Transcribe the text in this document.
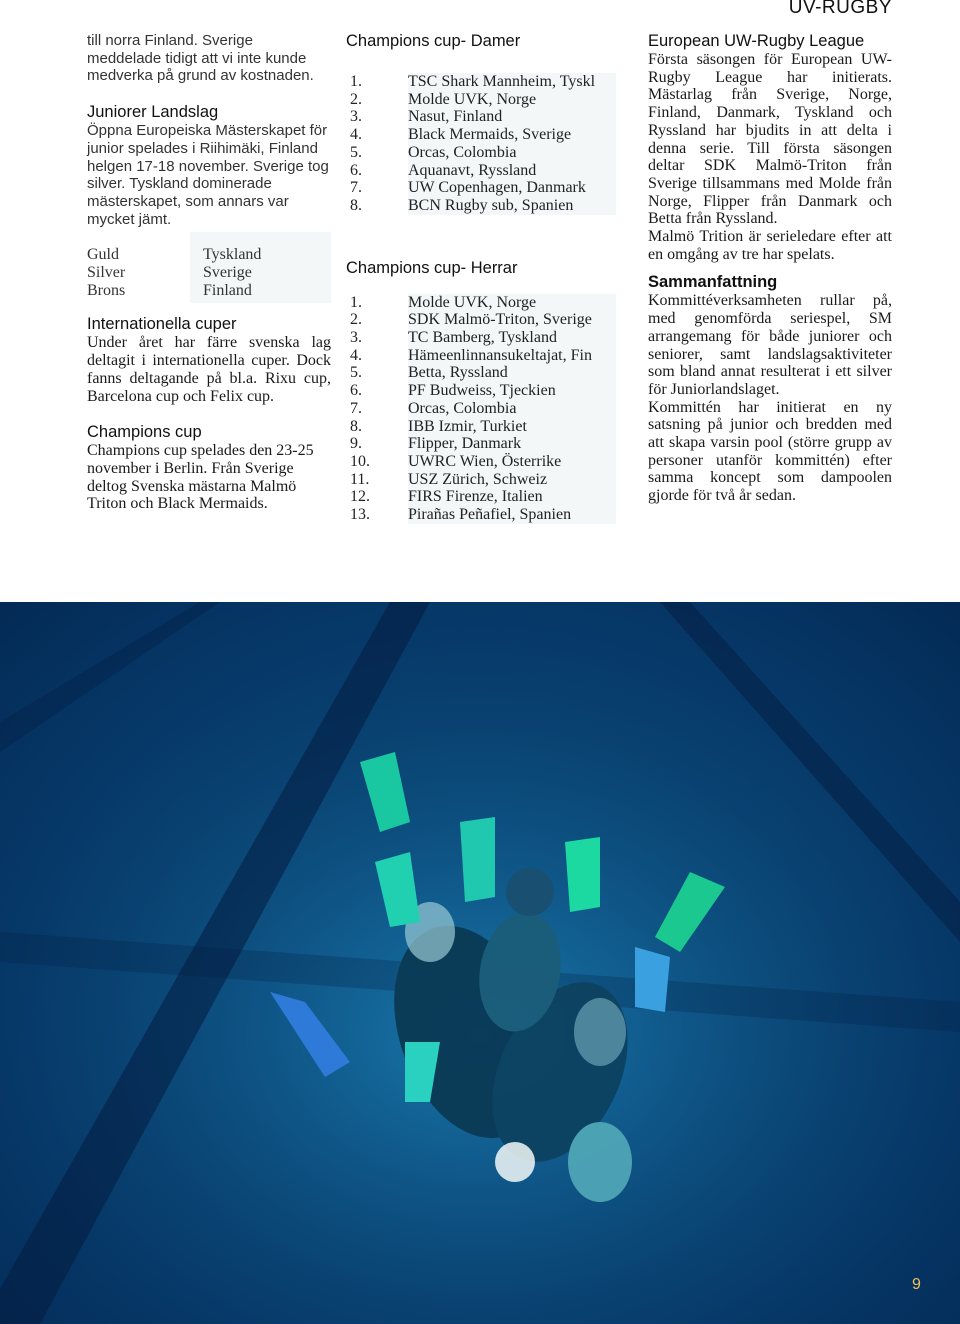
UV-RUGBY

till norra Finland. Sverige meddelade tidigt att vi inte kunde medverka på grund av kostnaden.

Juniorer Landslag

Öppna Europeiska Mästerskapet för junior spelades i Riihimäki, Finland helgen 17-18 november. Sverige tog silver. Tyskland dominerade mästerskapet, som annars var mycket jämt.

Guld	Tyskland
Silver	Sverige
Brons	Finland
Internationella cuper

Under året har färre svenska lag deltagit i internationella cuper. Dock fanns deltagande på bl.a. Rixu cup, Barcelona cup och Felix cup.

Champions cup

Champions cup spelades den 23-25 november i Berlin. Från Sverige deltog Svenska mästarna Malmö Triton och Black Mermaids.

Champions cup- Damer
1.	TSC Shark Mannheim, Tyskl
2.	Molde UVK, Norge
3.	Nasut, Finland
4.	Black Mermaids, Sverige
5.	Orcas, Colombia
6.	Aquanavt, Ryssland
7.	UW Copenhagen, Danmark
8.	BCN Rugby sub, Spanien
Champions cup- Herrar
1.	Molde UVK, Norge
2.	SDK Malmö-Triton, Sverige
3.	TC Bamberg, Tyskland
4.	Hämeenlinnansukeltajat, Fin
5.	Betta, Ryssland
6.	PF Budweiss, Tjeckien
7.	Orcas, Colombia
8.	IBB Izmir, Turkiet
9.	Flipper, Danmark
10.	UWRC Wien, Österrike
11.	USZ Zürich, Schweiz
12.	FIRS Firenze, Italien
13.	Pirañas Peñafiel, Spanien
European UW-Rugby League

Första säsongen för European UW-Rugby League har initierats. Mästarlag från Sverige, Norge, Finland, Danmark, Tyskland och Ryssland har bjudits in att delta i denna serie. Till första säsongen deltar SDK Malmö-Triton från Sverige tillsammans med Molde från Norge, Flipper från Danmark och Betta från Ryssland.

Malmö Trition är serieledare efter att en omgång av tre har spelats.

Sammanfattning

Kommittéverksamheten rullar på, med genomförda seriespel, SM arrangemang för både juniorer och seniorer, samt landslagsaktiviteter som bland annat resulterat i ett silver för Juniorlandslaget.

Kommittén har initierat en ny satsning på junior och bredden med att skapa varsin pool (större grupp av personer utanför kommittén) efter samma koncept som dampoolen gjorde för två år sedan.

9
